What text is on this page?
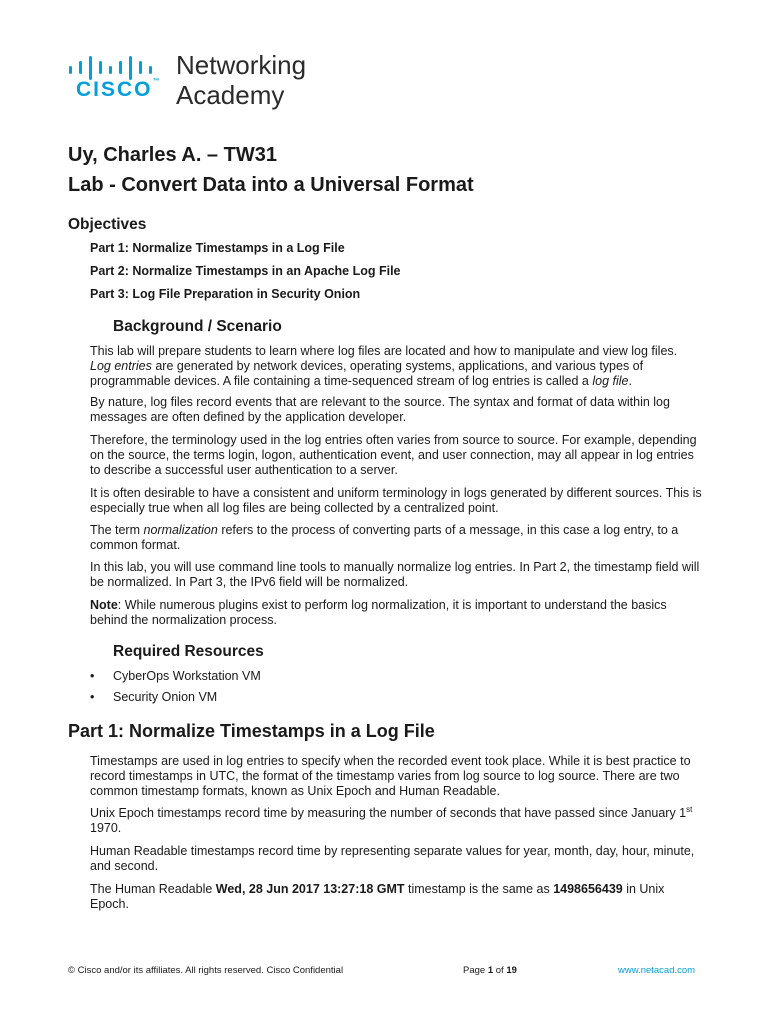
CISCO™
Networking
Academy
Uy, Charles A. – TW31
Lab - Convert Data into a Universal Format
Objectives

Part 1: Normalize Timestamps in a Log File

Part 2: Normalize Timestamps in an Apache Log File

Part 3: Log File Preparation in Security Onion

Background / Scenario

This lab will prepare students to learn where log files are located and how to manipulate and view log files.
Log entries are generated by network devices, operating systems, applications, and various types of programmable devices. A file containing a time-sequenced stream of log entries is called a log file.

By nature, log files record events that are relevant to the source. The syntax and format of data within log messages are often defined by the application developer.

Therefore, the terminology used in the log entries often varies from source to source. For example, depending on the source, the terms login, logon, authentication event, and user connection, may all appear in log entries to describe a successful user authentication to a server.

It is often desirable to have a consistent and uniform terminology in logs generated by different sources. This is especially true when all log files are being collected by a centralized point.

The term normalization refers to the process of converting parts of a message, in this case a log entry, to a common format.

In this lab, you will use command line tools to manually normalize log entries. In Part 2, the timestamp field will be normalized. In Part 3, the IPv6 field will be normalized.

Note: While numerous plugins exist to perform log normalization, it is important to understand the basics behind the normalization process.

Required Resources

• CyberOps Workstation VM

• Security Onion VM

Part 1: Normalize Timestamps in a Log File

Timestamps are used in log entries to specify when the recorded event took place. While it is best practice to record timestamps in UTC, the format of the timestamp varies from log source to log source. There are two common timestamp formats, known as Unix Epoch and Human Readable.

Unix Epoch timestamps record time by measuring the number of seconds that have passed since January 1st 1970.

Human Readable timestamps record time by representing separate values for year, month, day, hour, minute, and second.

The Human Readable Wed, 28 Jun 2017 13:27:18 GMT timestamp is the same as 1498656439 in Unix Epoch.

© Cisco and/or its affiliates. All rights reserved. Cisco Confidential	Page 1 of 19	www.netacad.com
